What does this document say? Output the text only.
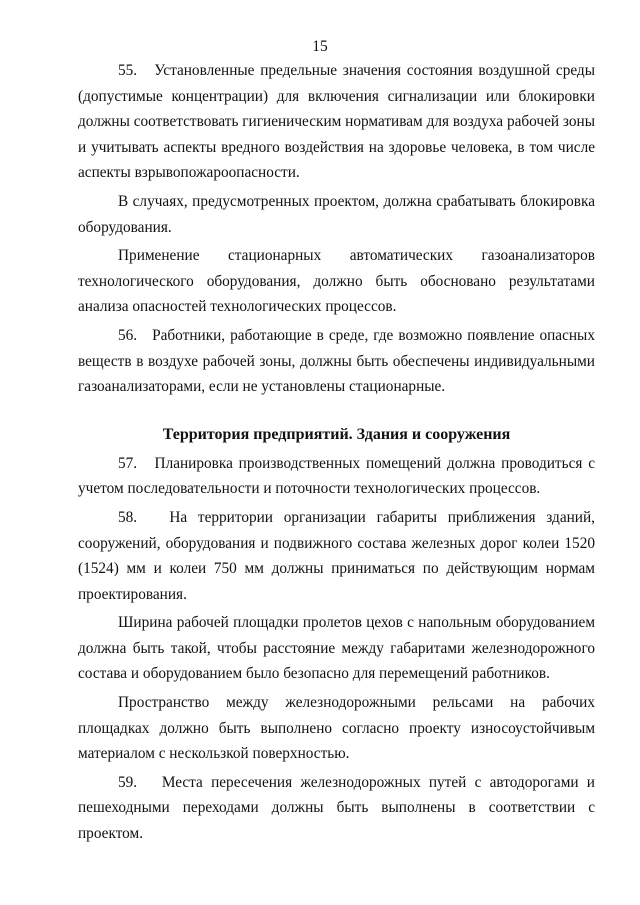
15

55.   Установленные предельные значения состояния воздушной среды (допустимые концентрации) для включения сигнализации или блокировки должны соответствовать гигиеническим нормативам для воздуха рабочей зоны и учитывать аспекты вредного воздействия на здоровье человека, в том числе аспекты взрывопожароопасности.

В случаях, предусмотренных проектом, должна срабатывать блокировка оборудования.

Применение стационарных автоматических газоанализаторов технологического оборудования, должно быть обосновано результатами анализа опасностей технологических процессов.

56.   Работники, работающие в среде, где возможно появление опасных веществ в воздухе рабочей зоны, должны быть обеспечены индивидуальными газоанализаторами, если не установлены стационарные.

Территория предприятий. Здания и сооружения

57.   Планировка производственных помещений должна проводиться с учетом последовательности и поточности технологических процессов.

58.   На территории организации габариты приближения зданий, сооружений, оборудования и подвижного состава железных дорог колеи 1520 (1524) мм и колеи 750 мм должны приниматься по действующим нормам проектирования.

Ширина рабочей площадки пролетов цехов с напольным оборудованием должна быть такой, чтобы расстояние между габаритами железнодорожного состава и оборудованием было безопасно для перемещений работников.

Пространство между железнодорожными рельсами на рабочих площадках должно быть выполнено согласно проекту износоустойчивым материалом с нескользкой поверхностью.

59.   Места пересечения железнодорожных путей с автодорогами и пешеходными переходами должны быть выполнены в соответствии с проектом.
